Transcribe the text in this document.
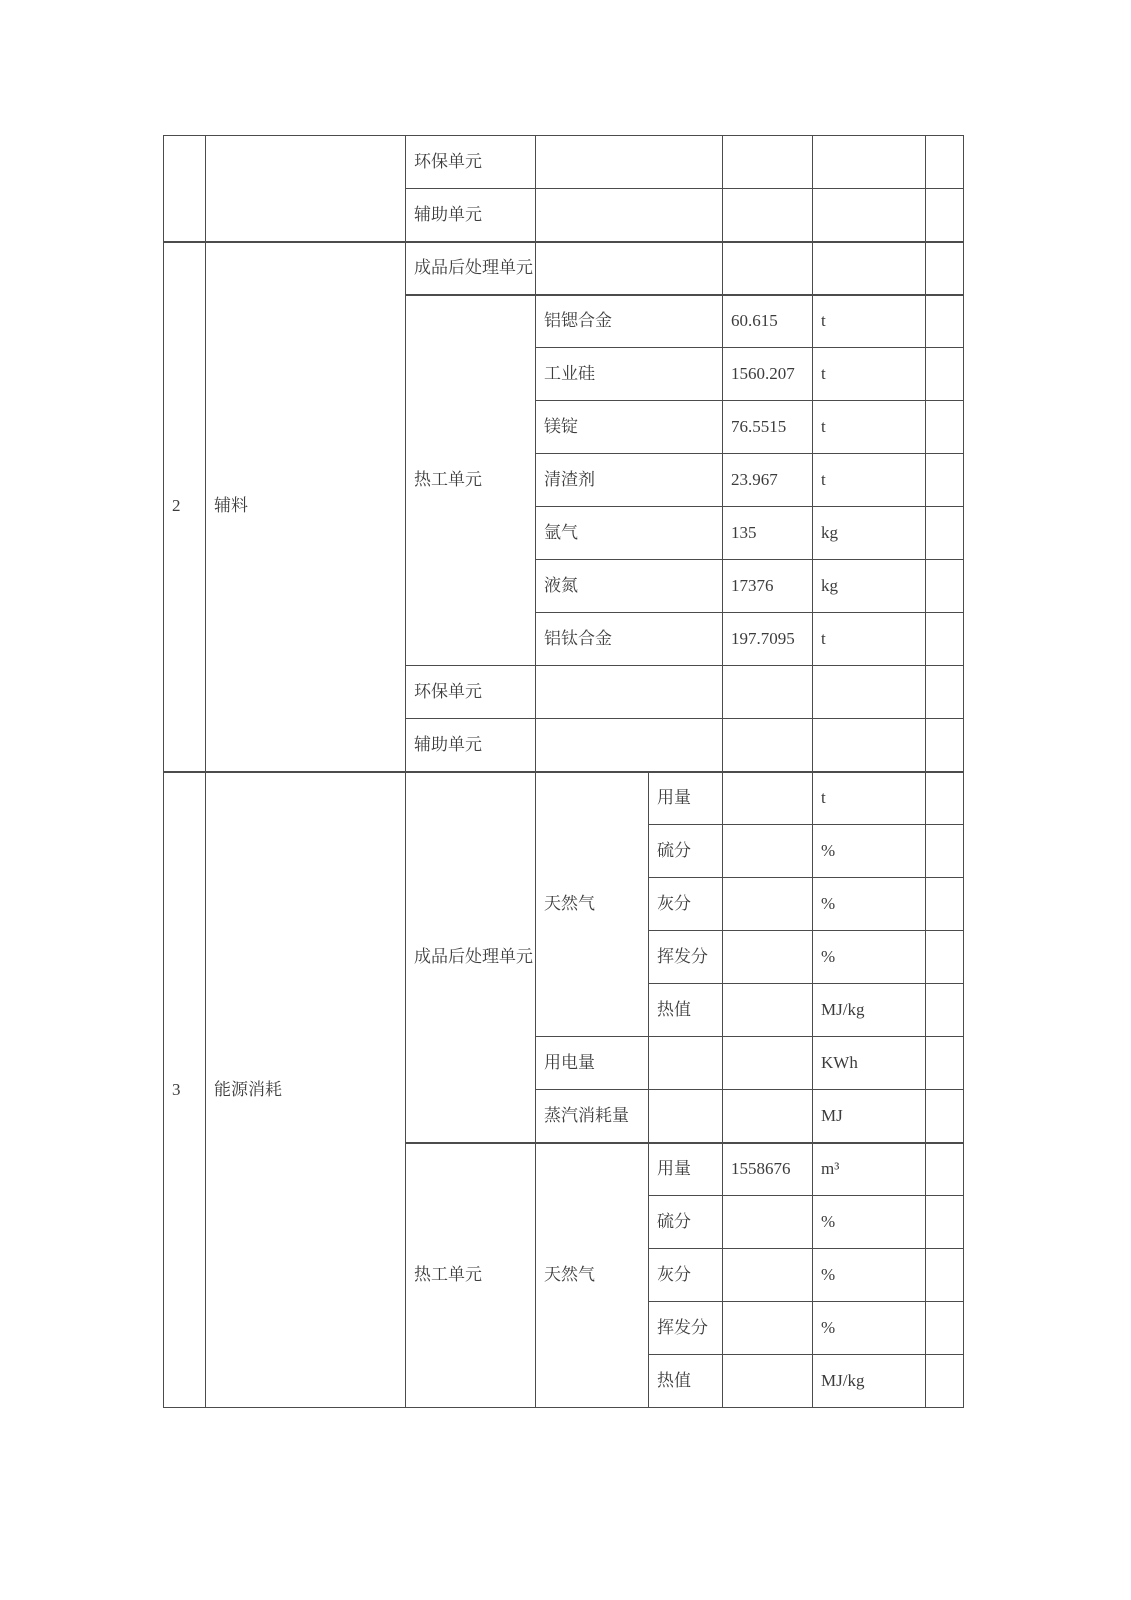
		环保单元					
		辅助单元					
2	辅料	成品后处理单元					
		热工单元	铝锶合金		60.615	t	
			工业硅		1560.207	t	
			镁锭		76.5515	t	
			清渣剂		23.967	t	
			氩气		135	kg	
			液氮		17376	kg	
			铝钛合金		197.7095	t	
		环保单元					
		辅助单元					
3	能源消耗	成品后处理单元	天然气	用量		t	
				硫分		%	
				灰分		%	
				挥发分		%	
				热值		MJ/kg	
			用电量			KWh	
			蒸汽消耗量			MJ	
		热工单元	天然气	用量	1558676	m³	
				硫分		%	
				灰分		%	
				挥发分		%	
				热值		MJ/kg	
